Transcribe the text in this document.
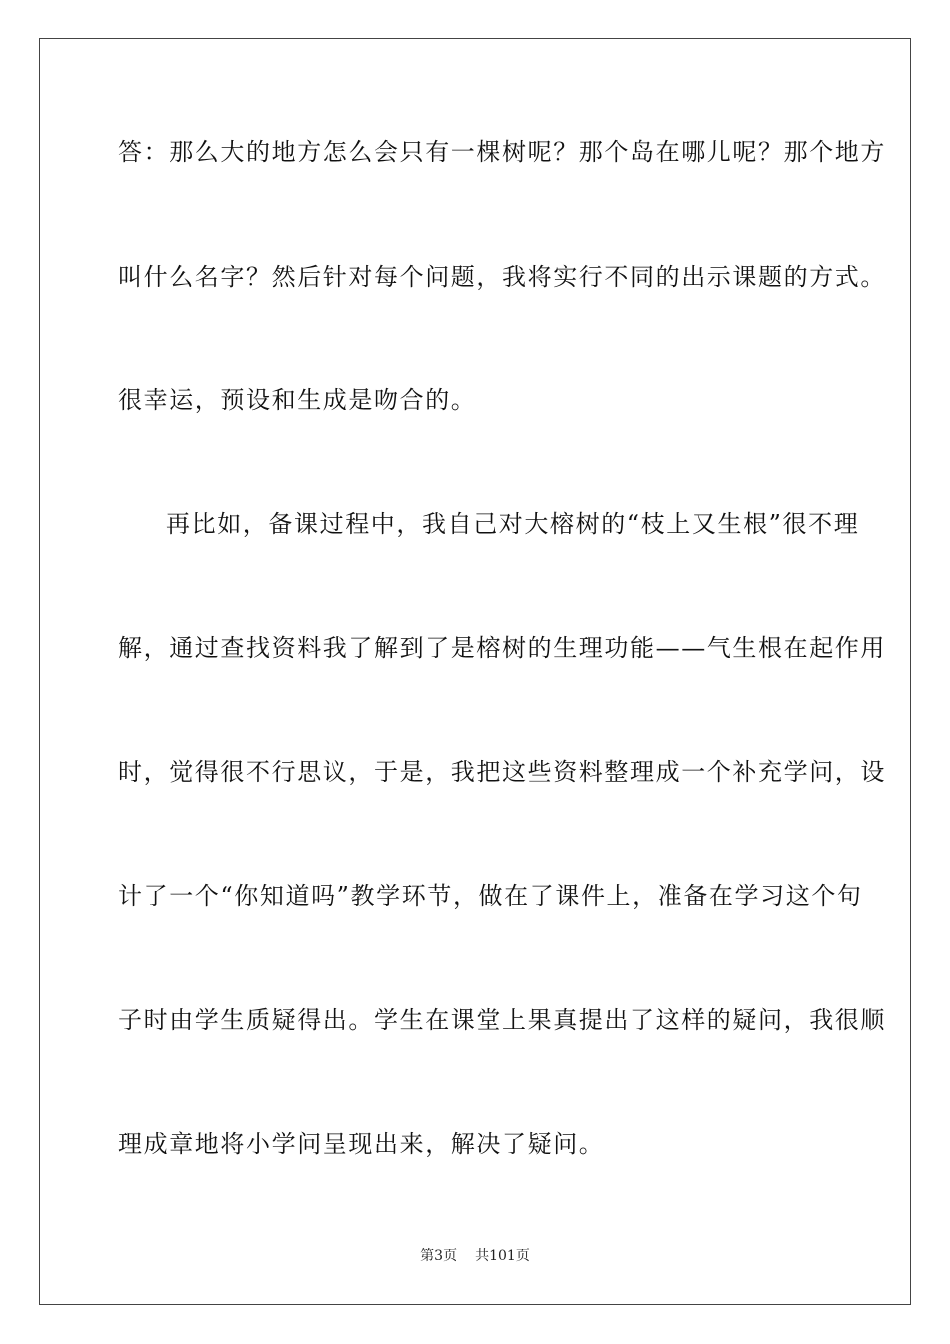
答：那么大的地方怎么会只有一棵树呢？那个岛在哪儿呢？那个地方
叫什么名字？然后针对每个问题，我将实行不同的出示课题的方式。
很幸运，预设和生成是吻合的。
再比如，备课过程中，我自己对大榕树的“枝上又生根”很不理
解，通过查找资料我了解到了是榕树的生理功能——气生根在起作用
时，觉得很不行思议，于是，我把这些资料整理成一个补充学问，设
计了一个“你知道吗”教学环节，做在了课件上，准备在学习这个句
子时由学生质疑得出。学生在课堂上果真提出了这样的疑问，我很顺
理成章地将小学问呈现出来，解决了疑问。
第3页 共101页
